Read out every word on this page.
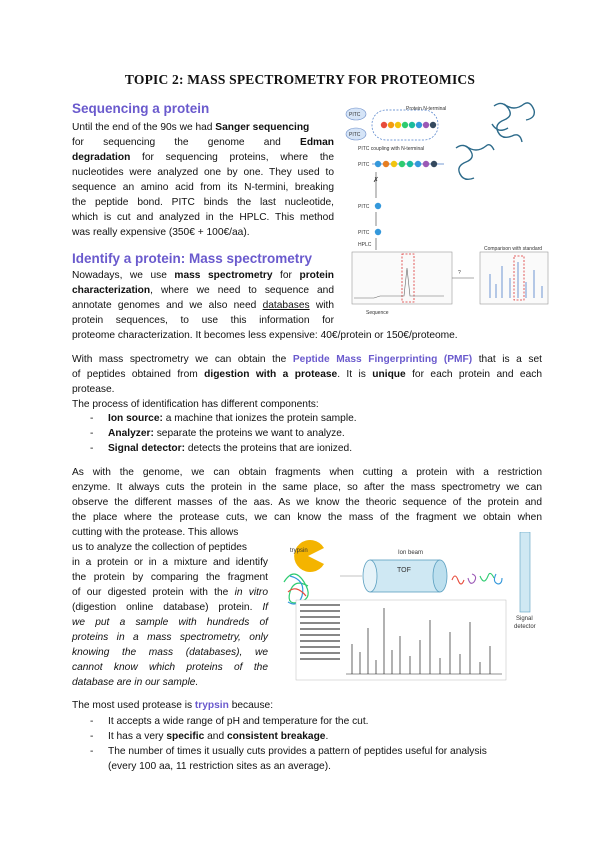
TOPIC 2: MASS SPECTROMETRY FOR PROTEOMICS
Sequencing a protein
Until the end of the 90s we had Sanger sequencing
for sequencing the genome and Edman
degradation for sequencing proteins, where the
nucleotides were analyzed one by one. They used to
sequence an amino acid from its N-termini, breaking
the peptide bond. PITC binds the last nucleotide,
which is cut and analyzed in the HPLC. This method
was really expensive (350€ + 100€/aa).
Identify a protein: Mass spectrometry
Nowadays, we use mass spectrometry for protein
characterization, where we need to sequence and
annotate genomes and we also need databases with
protein sequences, to use this information for
proteome characterization. It becomes less expensive: 40€/protein or 150€/proteome.
PITC
PITC
Protein N-terminal
PITC coupling with N-terminal
PITC
✗
PITC
PITC
HPLC
Sequence
?
Comparison with standard
With mass spectrometry we can obtain the Peptide Mass Fingerprinting (PMF) that is a set
of peptides obtained from digestion with a protease. It is unique for each protein and each
protease.
The process of identification has different components:
- Ion source: a machine that ionizes the protein sample.
- Analyzer: separate the proteins we want to analyze.
- Signal detector: detects the proteins that are ionized.
As with the genome, we can obtain fragments when cutting a protein with a restriction
enzyme. It always cuts the protein in the same place, so after the mass spectrometry we can
observe the different masses of the aas. As we know the theoric sequence of the protein and
the place where the protease cuts, we can know the mass of the fragment we obtain when
cutting with the protease. This allows
us to analyze the collection of peptides
in a protein or in a mixture and identify
the protein by comparing the fragment
of our digested protein with the in vitro
(digestion online database) protein. If
we put a sample with hundreds of
proteins in a mass spectrometry, only
knowing the mass (databases), we
cannot know which proteins of the
database are in our sample.
trypsin	Ion beam
TOF
Signal
detector
The most used protease is trypsin because:
- It accepts a wide range of pH and temperature for the cut.
- It has a very specific and consistent breakage.
- The number of times it usually cuts provides a pattern of peptides useful for analysis
(every 100 aa, 11 restriction sites as an average).
